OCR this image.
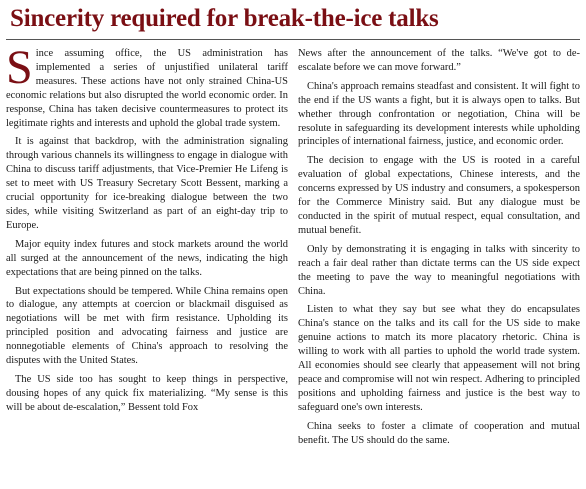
Sincerity required for break-the-ice talks

Since assuming office, the US administration has implemented a series of unjustified unilateral tariff measures. These actions have not only strained China-US economic relations but also disrupted the world economic order. In response, China has taken decisive countermeasures to protect its legitimate rights and interests and uphold the global trade system.

It is against that backdrop, with the administration signaling through various channels its willingness to engage in dialogue with China to discuss tariff adjustments, that Vice-Premier He Lifeng is set to meet with US Treasury Secretary Scott Bessent, marking a crucial opportunity for ice-breaking dialogue between the two sides, while visiting Switzerland as part of an eight-day trip to Europe.

Major equity index futures and stock markets around the world all surged at the announcement of the news, indicating the high expectations that are being pinned on the talks.

But expectations should be tempered. While China remains open to dialogue, any attempts at coercion or blackmail disguised as negotiations will be met with firm resistance. Upholding its principled position and advocating fairness and justice are nonnegotiable elements of China's approach to resolving the disputes with the United States.

The US side too has sought to keep things in perspective, dousing hopes of any quick fix materializing. “My sense is this will be about de-escalation,” Bessent told Fox

News after the announcement of the talks. “We've got to de-escalate before we can move forward.”

China's approach remains steadfast and consistent. It will fight to the end if the US wants a fight, but it is always open to talks. But whether through confrontation or negotiation, China will be resolute in safeguarding its development interests while upholding principles of international fairness, justice, and economic order.

The decision to engage with the US is rooted in a careful evaluation of global expectations, Chinese interests, and the concerns expressed by US industry and consumers, a spokesperson for the Commerce Ministry said. But any dialogue must be conducted in the spirit of mutual respect, equal consultation, and mutual benefit.

Only by demonstrating it is engaging in talks with sincerity to reach a fair deal rather than dictate terms can the US side expect the meeting to pave the way to meaningful negotiations with China.

Listen to what they say but see what they do encapsulates China's stance on the talks and its call for the US side to make genuine actions to match its more placatory rhetoric. China is willing to work with all parties to uphold the world trade system. All economies should see clearly that appeasement will not bring peace and compromise will not win respect. Adhering to principled positions and upholding fairness and justice is the best way to safeguard one's own interests.

China seeks to foster a climate of cooperation and mutual benefit. The US should do the same.
